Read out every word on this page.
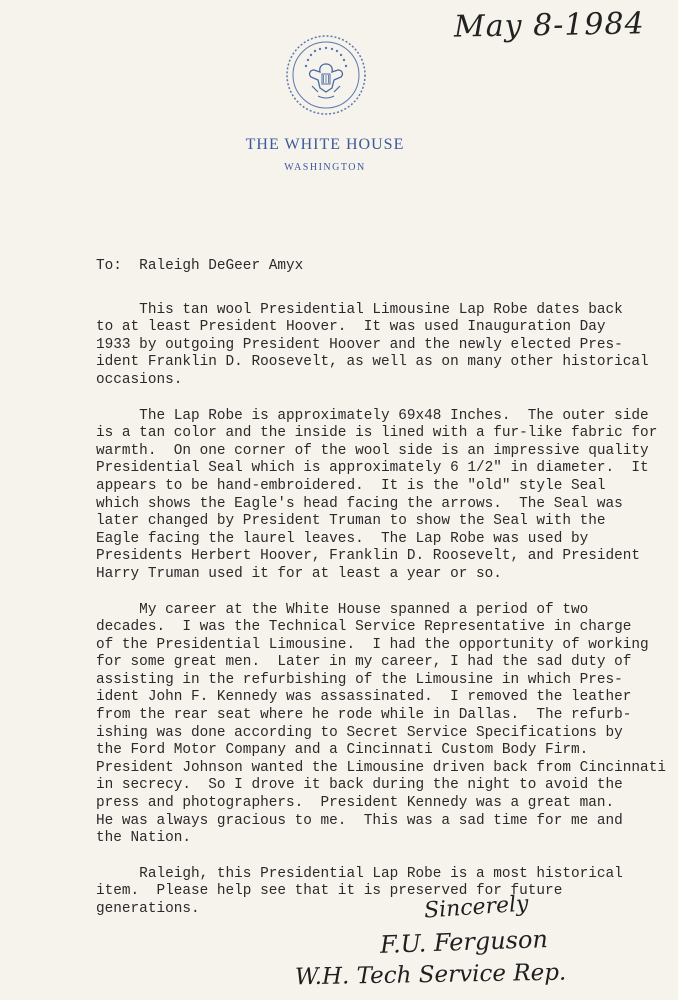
May 8-1984
THE WHITE HOUSE
WASHINGTON
To:  Raleigh DeGeer Amyx
This tan wool Presidential Limousine Lap Robe dates back
to at least President Hoover.  It was used Inauguration Day
1933 by outgoing President Hoover and the newly elected Pres-
ident Franklin D. Roosevelt, as well as on many other historical
occasions.
The Lap Robe is approximately 69x48 Inches.  The outer side
is a tan color and the inside is lined with a fur-like fabric for
warmth.  On one corner of the wool side is an impressive quality
Presidential Seal which is approximately 6 1/2" in diameter.  It
appears to be hand-embroidered.  It is the "old" style Seal
which shows the Eagle's head facing the arrows.  The Seal was
later changed by President Truman to show the Seal with the
Eagle facing the laurel leaves.  The Lap Robe was used by
Presidents Herbert Hoover, Franklin D. Roosevelt, and President
Harry Truman used it for at least a year or so.
My career at the White House spanned a period of two
decades.  I was the Technical Service Representative in charge
of the Presidential Limousine.  I had the opportunity of working
for some great men.  Later in my career, I had the sad duty of
assisting in the refurbishing of the Limousine in which Pres-
ident John F. Kennedy was assassinated.  I removed the leather
from the rear seat where he rode while in Dallas.  The refurb-
ishing was done according to Secret Service Specifications by
the Ford Motor Company and a Cincinnati Custom Body Firm.
President Johnson wanted the Limousine driven back from Cincinnati
in secrecy.  So I drove it back during the night to avoid the
press and photographers.  President Kennedy was a great man.
He was always gracious to me.  This was a sad time for me and
the Nation.
Raleigh, this Presidential Lap Robe is a most historical
item.  Please help see that it is preserved for future
generations.	Sincerely
F.U. Ferguson
W.H. Tech Service Rep.
